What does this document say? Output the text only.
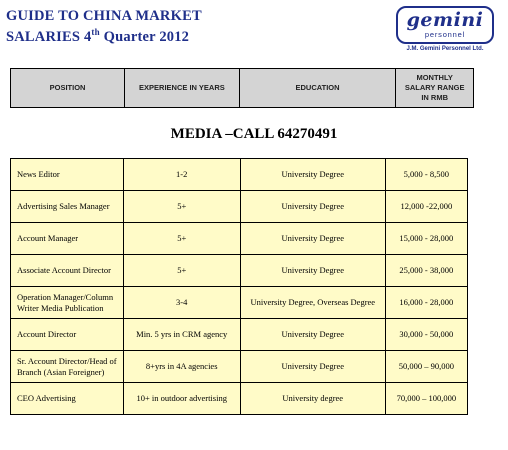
GUIDE TO CHINA MARKET
SALARIES 4th Quarter 2012
gemini
personnel
J.M. Gemini Personnel Ltd.
POSITION	EXPERIENCE IN YEARS	EDUCATION	MONTHLY SALARY RANGE IN RMB
MEDIA –CALL 64270491
News Editor	1-2	University Degree	5,000 - 8,500
Advertising Sales Manager	5+	University Degree	12,000 -22,000
Account Manager	5+	University Degree	15,000 - 28,000
Associate Account Director	5+	University Degree	25,000 - 38,000
Operation Manager/Column Writer Media Publication	3-4	University Degree, Overseas Degree	16,000 - 28,000
Account Director	Min. 5 yrs in CRM agency	University Degree	30,000 - 50,000
Sr. Account Director/Head of Branch (Asian Foreigner)	8+yrs in 4A agencies	University Degree	50,000 – 90,000
CEO Advertising	10+ in outdoor advertising	University degree	70,000 – 100,000
